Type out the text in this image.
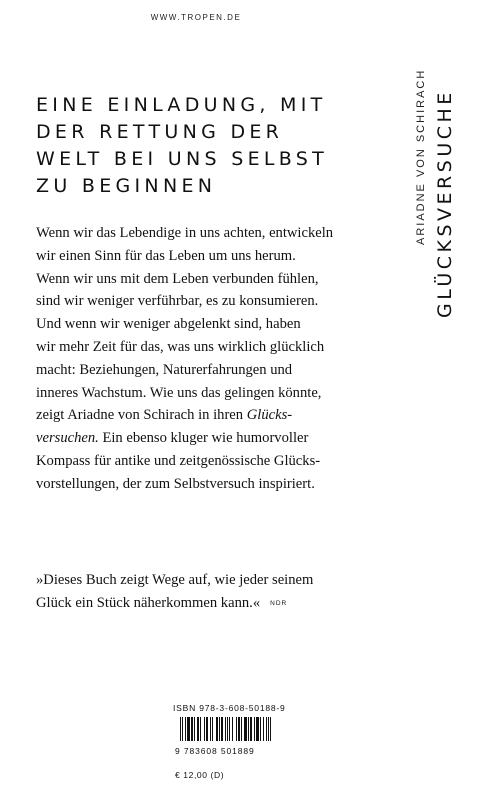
WWW.TROPEN.DE
EINE EINLADUNG, MIT
DER RETTUNG DER
WELT BEI UNS SELBST
ZU BEGINNEN

Wenn wir das Lebendige in uns achten, entwickeln
wir einen Sinn für das Leben um uns herum.
Wenn wir uns mit dem Leben verbunden fühlen,
sind wir weniger verführbar, es zu konsumieren.
Und wenn wir weniger abgelenkt sind, haben
wir mehr Zeit für das, was uns wirklich glücklich
macht: Beziehungen, Naturerfahrungen und
inneres Wachstum. Wie uns das gelingen könnte,
zeigt Ariadne von Schirach in ihren Glücks-
versuchen. Ein ebenso kluger wie humorvoller
Kompass für antike und zeitgenössische Glücks-
vorstellungen, der zum Selbstversuch inspiriert.

»Dieses Buch zeigt Wege auf, wie jeder seinem
Glück ein Stück näherkommen kann.« NDR

ARIADNE VON SCHIRACH GLÜCKSVERSUCHE
ISBN 978-3-608-50188-9
9 783608 501889
€ 12,00 (D)
